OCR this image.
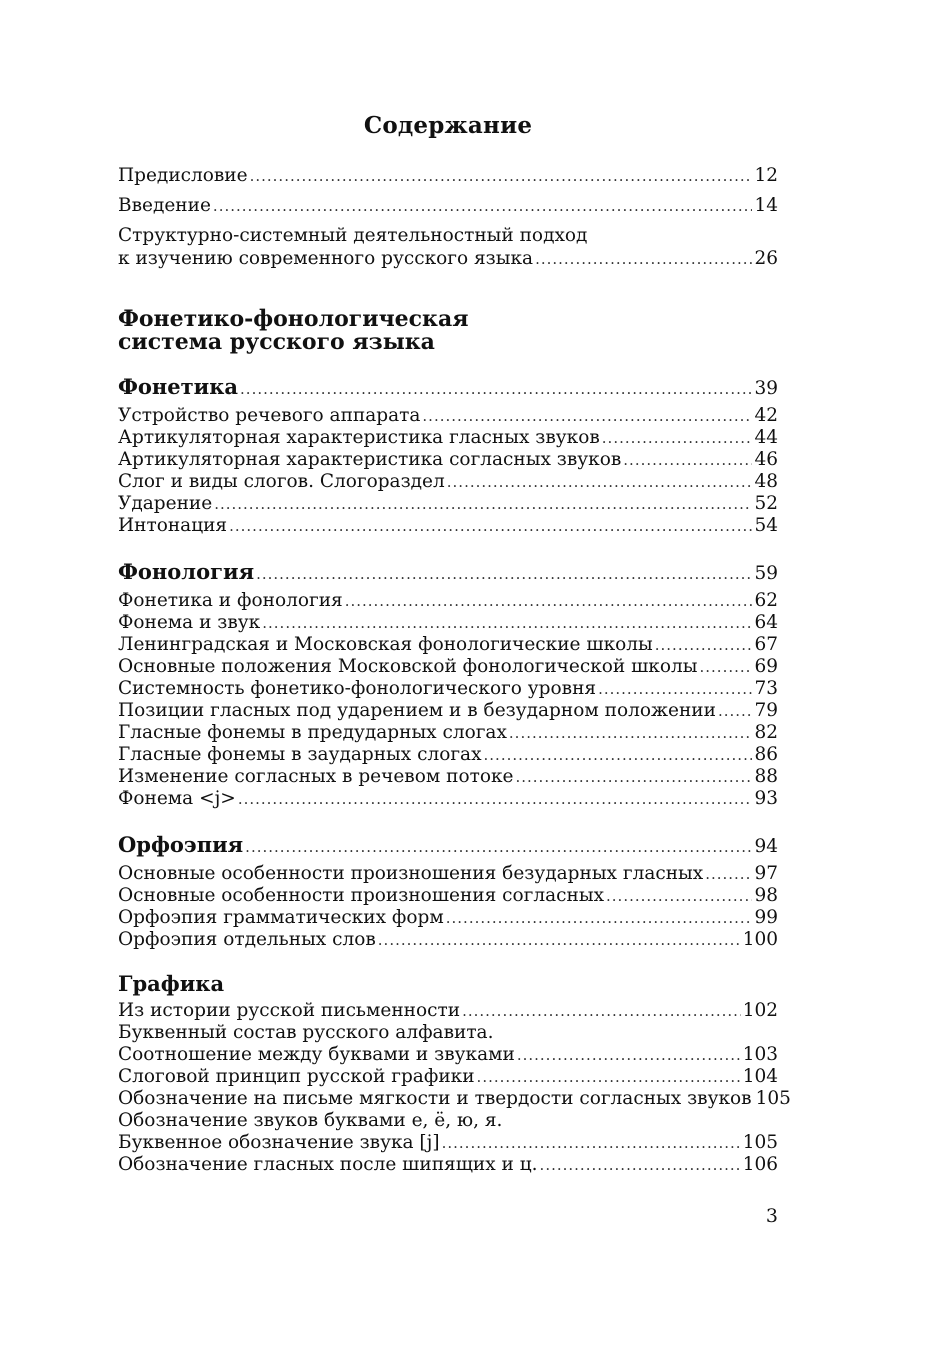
Содержание
Предисловие .....	12
Введение .....	14
Структурно-системный деятельностный подход
к изучению современного русского языка .....	26
Фонетико-фонологическая
система русского языка
Фонетика .....	39
Устройство речевого аппарата .....	42
Артикуляторная характеристика гласных звуков .....	44
Артикуляторная характеристика согласных звуков .....	46
Слог и виды слогов. Слогораздел .....	48
Ударение .....	52
Интонация .....	54
Фонология .....	59
Фонетика и фонология .....	62
Фонема и звук .....	64
Ленинградская и Московская фонологические школы .....	67
Основные положения Московской фонологической школы .....	69
Системность фонетико-фонологического уровня .....	73
Позиции гласных под ударением и в безударном положении ..... 79
Гласные фонемы в предударных слогах .....	82
Гласные фонемы в заударных слогах .....	86
Изменение согласных в речевом потоке .....	88
Фонема <j> .....	93
Орфоэпия .....	94
Основные особенности произношения безударных гласных .....	97
Основные особенности произношения согласных .....	98
Орфоэпия грамматических форм .....	99
Орфоэпия отдельных слов .....	100
Графика
Из истории русской письменности .....	102
Буквенный состав русского алфавита.
Соотношение между буквами и звуками .....	103
Слоговой принцип русской графики .....	104
Обозначение на письме мягкости и твердости согласных звуков 105
Обозначение звуков буквами е, ё, ю, я.
Буквенное обозначение звука [j] .....	105
Обозначение гласных после шипящих и ц. .....	106
3
